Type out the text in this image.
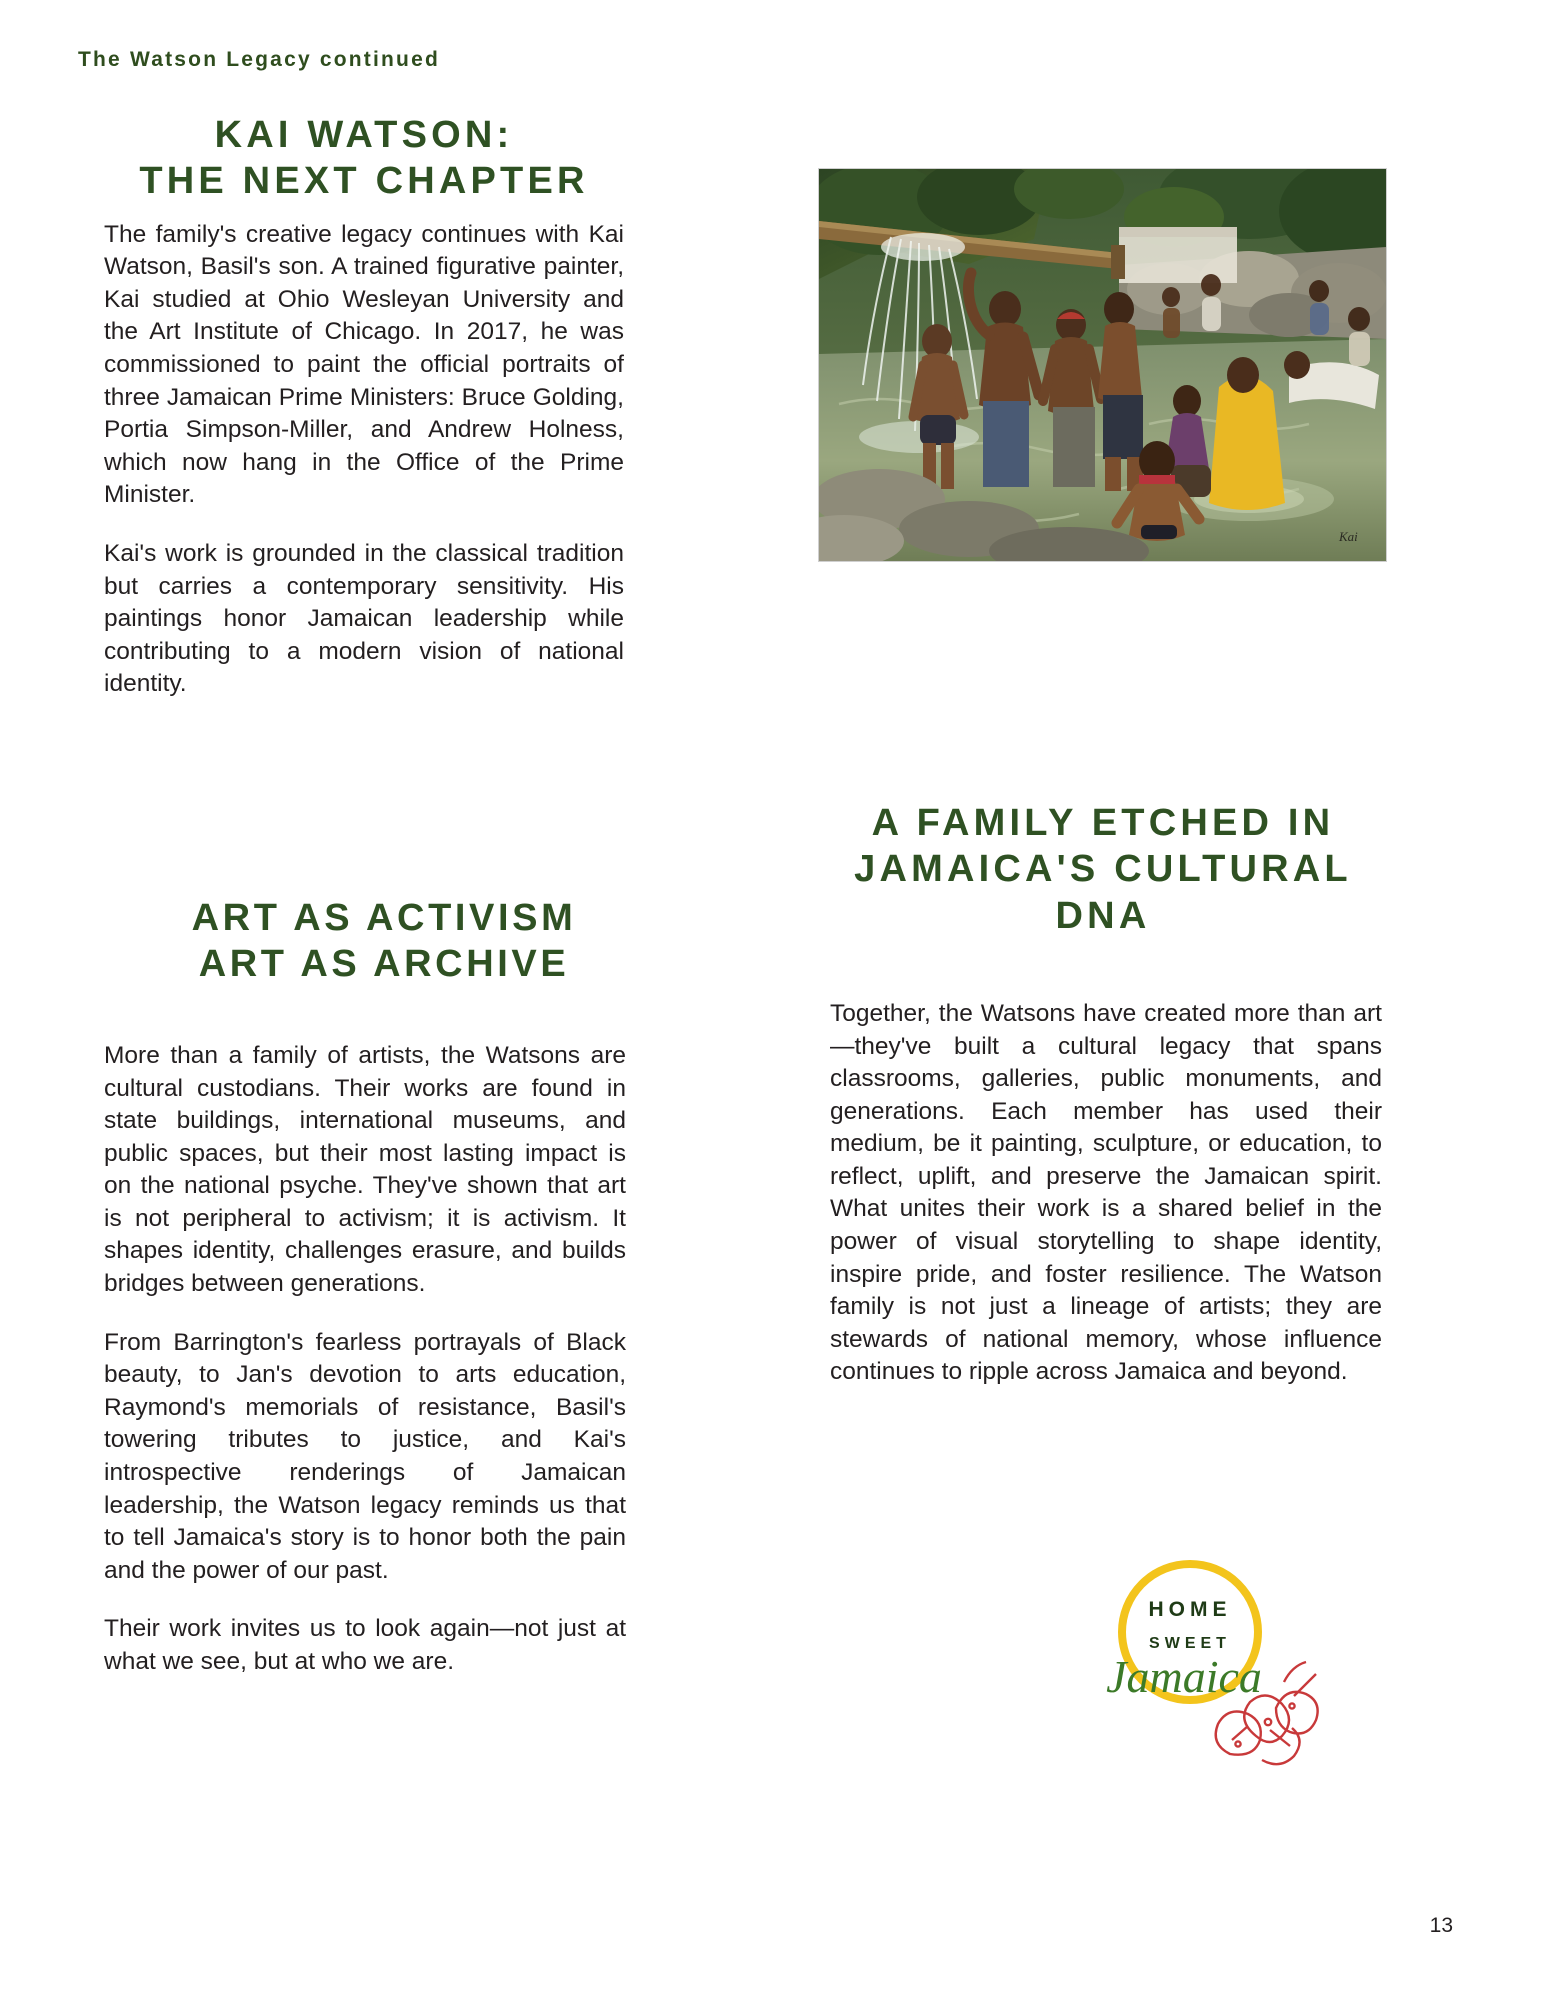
The Watson Legacy continued
KAI WATSON:
THE NEXT CHAPTER

The family's creative legacy continues with Kai Watson, Basil's son. A trained figurative painter, Kai studied at Ohio Wesleyan University and the Art Institute of Chicago. In 2017, he was commissioned to paint the official portraits of three Jamaican Prime Ministers: Bruce Golding, Portia Simpson-Miller, and Andrew Holness, which now hang in the Office of the Prime Minister.

Kai's work is grounded in the classical tradition but carries a contemporary sensitivity. His paintings honor Jamaican leadership while contributing to a modern vision of national identity.

ART AS ACTIVISM
ART AS ARCHIVE

More than a family of artists, the Watsons are cultural custodians. Their works are found in state buildings, international museums, and public spaces, but their most lasting impact is on the national psyche. They've shown that art is not peripheral to activism; it is activism. It shapes identity, challenges erasure, and builds bridges between generations.

From Barrington's fearless portrayals of Black beauty, to Jan's devotion to arts education, Raymond's memorials of resistance, Basil's towering tributes to justice, and Kai's introspective renderings of Jamaican leadership, the Watson legacy reminds us that to tell Jamaica's story is to honor both the pain and the power of our past.

Their work invites us to look again—not just at what we see, but at who we are.

Kai
A FAMILY ETCHED IN
JAMAICA'S CULTURAL
DNA

Together, the Watsons have created more than art—they've built a cultural legacy that spans classrooms, galleries, public monuments, and generations. Each member has used their medium, be it painting, sculpture, or education, to reflect, uplift, and preserve the Jamaican spirit. What unites their work is a shared belief in the power of visual storytelling to shape identity, inspire pride, and foster resilience. The Watson family is not just a lineage of artists; they are stewards of national memory, whose influence continues to ripple across Jamaica and beyond.

HOME
SWEET
Jamaica
13
